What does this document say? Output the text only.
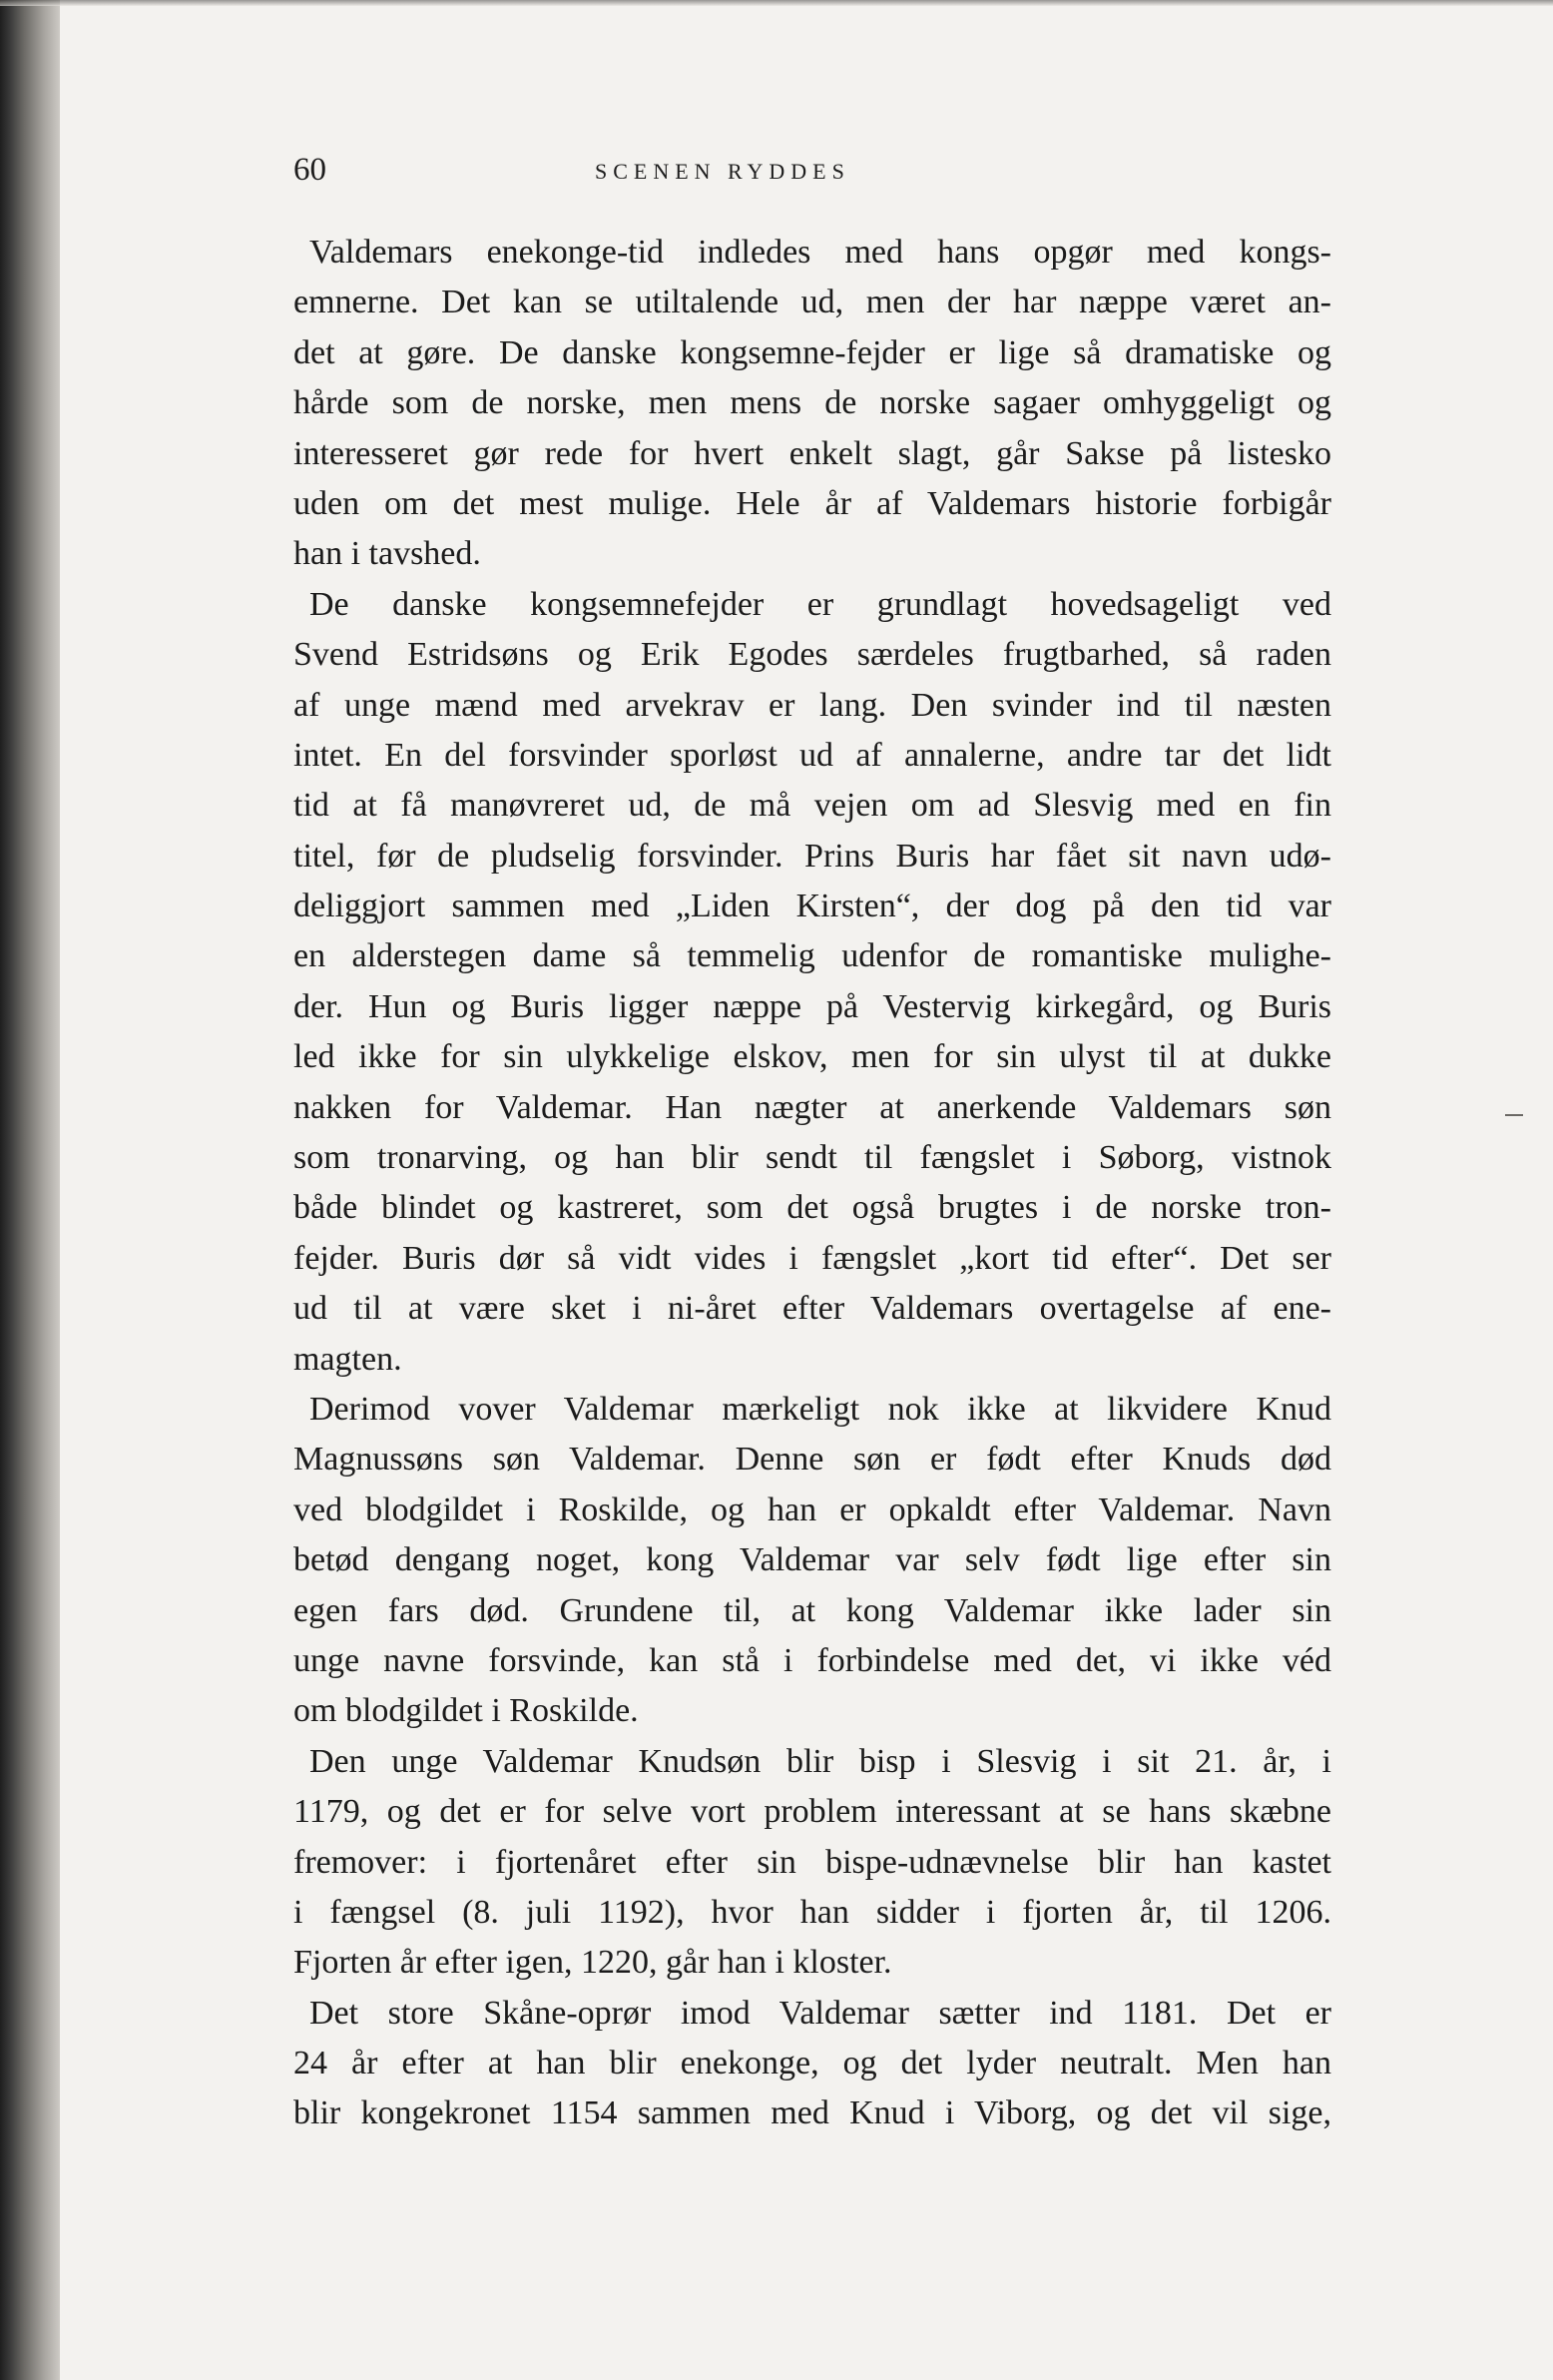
60	SCENEN RYDDES
Valdemars enekonge-tid indledes med hans opgør med kongs-
emnerne. Det kan se utiltalende ud, men der har næppe været an-
det at gøre. De danske kongsemne-fejder er lige så dramatiske og
hårde som de norske, men mens de norske sagaer omhyggeligt og
interesseret gør rede for hvert enkelt slagt, går Sakse på listesko
uden om det mest mulige. Hele år af Valdemars historie forbigår
han i tavshed.
De danske kongsemnefejder er grundlagt hovedsageligt ved
Svend Estridsøns og Erik Egodes særdeles frugtbarhed, så raden
af unge mænd med arvekrav er lang. Den svinder ind til næsten
intet. En del forsvinder sporløst ud af annalerne, andre tar det lidt
tid at få manøvreret ud, de må vejen om ad Slesvig med en fin
titel, før de pludselig forsvinder. Prins Buris har fået sit navn udø-
deliggjort sammen med „Liden Kirsten“, der dog på den tid var
en alderstegen dame så temmelig udenfor de romantiske mulighe-
der. Hun og Buris ligger næppe på Vestervig kirkegård, og Buris
led ikke for sin ulykkelige elskov, men for sin ulyst til at dukke
nakken for Valdemar. Han nægter at anerkende Valdemars søn
som tronarving, og han blir sendt til fængslet i Søborg, vistnok
både blindet og kastreret, som det også brugtes i de norske tron-
fejder. Buris dør så vidt vides i fængslet „kort tid efter“. Det ser
ud til at være sket i ni-året efter Valdemars overtagelse af ene-
magten.
Derimod vover Valdemar mærkeligt nok ikke at likvidere Knud
Magnussøns søn Valdemar. Denne søn er født efter Knuds død
ved blodgildet i Roskilde, og han er opkaldt efter Valdemar. Navn
betød dengang noget, kong Valdemar var selv født lige efter sin
egen fars død. Grundene til, at kong Valdemar ikke lader sin
unge navne forsvinde, kan stå i forbindelse med det, vi ikke véd
om blodgildet i Roskilde.
Den unge Valdemar Knudsøn blir bisp i Slesvig i sit 21. år, i
1179, og det er for selve vort problem interessant at se hans skæbne
fremover: i fjortenåret efter sin bispe-udnævnelse blir han kastet
i fængsel (8. juli 1192), hvor han sidder i fjorten år, til 1206.
Fjorten år efter igen, 1220, går han i kloster.
Det store Skåne-oprør imod Valdemar sætter ind 1181. Det er
24 år efter at han blir enekonge, og det lyder neutralt. Men han
blir kongekronet 1154 sammen med Knud i Viborg, og det vil sige,
